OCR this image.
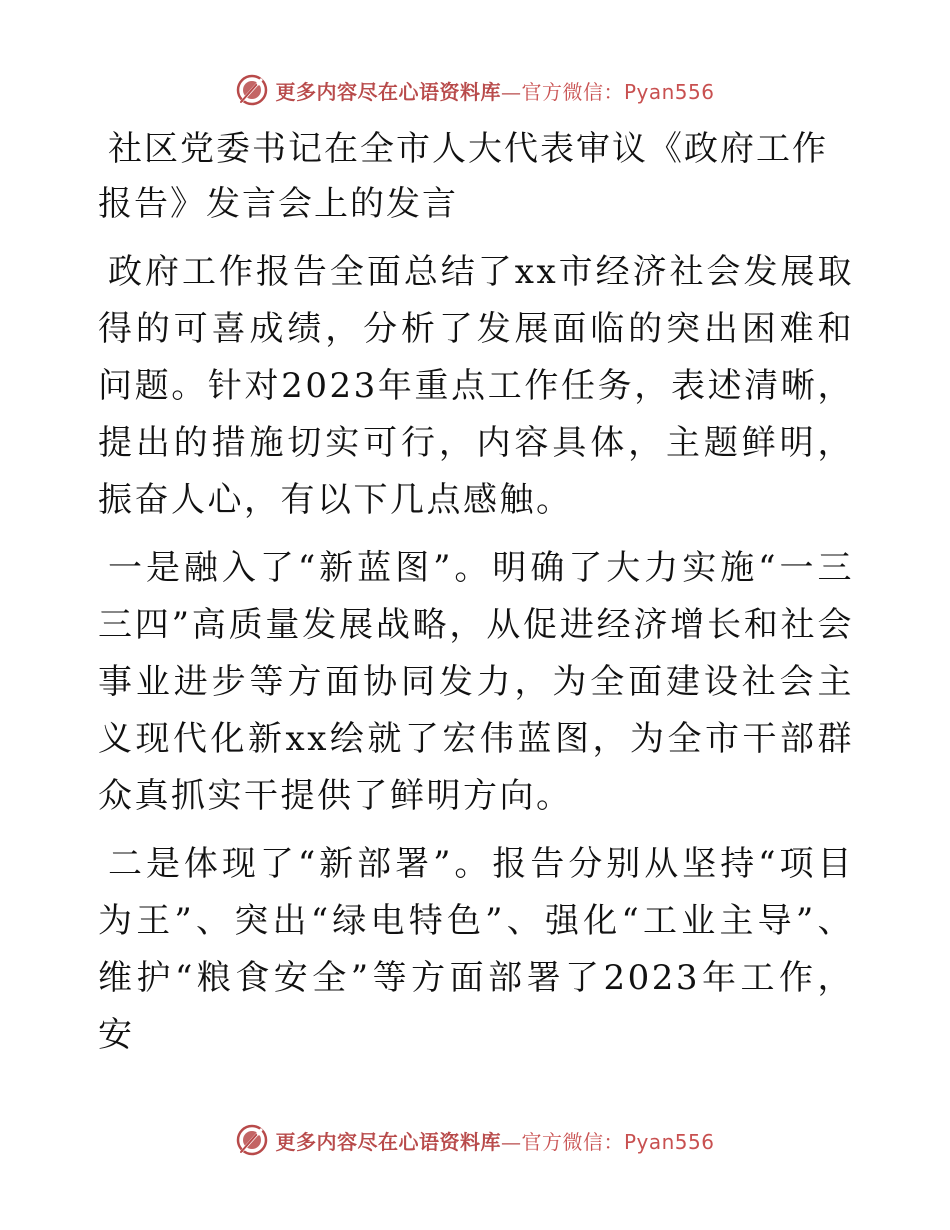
更多内容尽在心语资料库—官方微信：Pyan556

社区党委书记在全市人大代表审议《政府工作报告》发言会上的发言

政府工作报告全面总结了xx市经济社会发展取得的可喜成绩，分析了发展面临的突出困难和问题。针对2023年重点工作任务，表述清晰，提出的措施切实可行，内容具体，主题鲜明，振奋人心，有以下几点感触。

一是融入了“新蓝图”。明确了大力实施“一三三四”高质量发展战略，从促进经济增长和社会事业进步等方面协同发力，为全面建设社会主义现代化新xx绘就了宏伟蓝图，为全市干部群众真抓实干提供了鲜明方向。

二是体现了“新部署”。报告分别从坚持“项目为王”、突出“绿电特色”、强化“工业主导”、维护“粮食安全”等方面部署了2023年工作，安

更多内容尽在心语资料库—官方微信：Pyan556
